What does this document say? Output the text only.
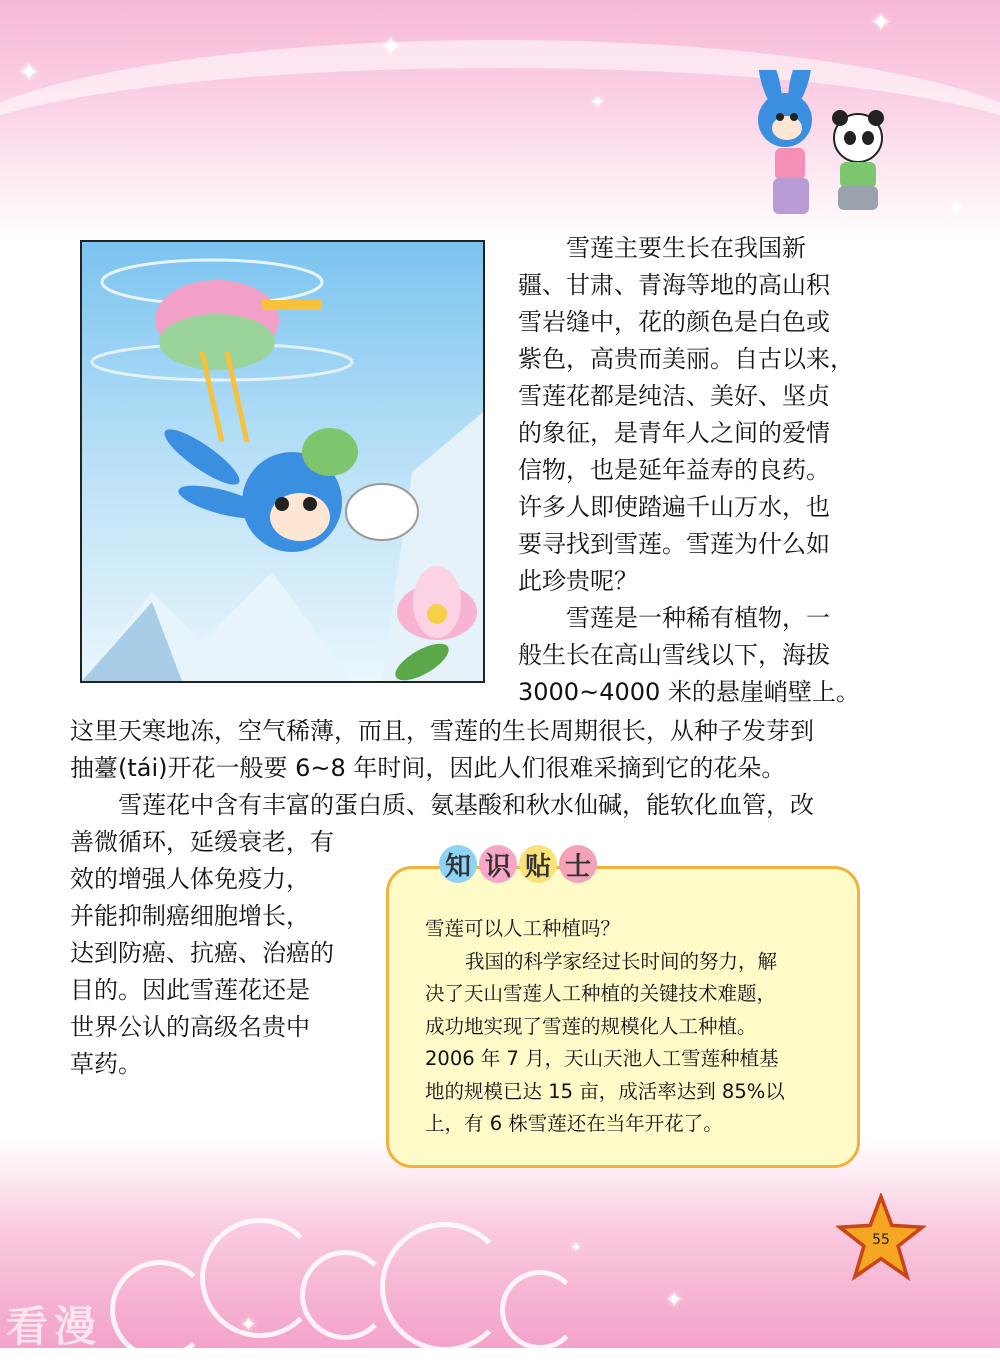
✦
✦
✦
✦
✦
✦
✦
✦
雪莲主要生长在我国新
疆、甘肃、青海等地的高山积
雪岩缝中，花的颜色是白色或
紫色，高贵而美丽。自古以来，
雪莲花都是纯洁、美好、坚贞
的象征，是青年人之间的爱情
信物，也是延年益寿的良药。
许多人即使踏遍千山万水，也
要寻找到雪莲。雪莲为什么如
此珍贵呢？
雪莲是一种稀有植物，一
般生长在高山雪线以下，海拔
3000~4000 米的悬崖峭壁上。
这里天寒地冻，空气稀薄，而且，雪莲的生长周期很长，从种子发芽到
抽薹(tái)开花一般要 6~8 年时间，因此人们很难采摘到它的花朵。
雪莲花中含有丰富的蛋白质、氨基酸和秋水仙碱，能软化血管，改
善微循环，延缓衰老，有
效的增强人体免疫力，
并能抑制癌细胞增长，
达到防癌、抗癌、治癌的
目的。因此雪莲花还是
世界公认的高级名贵中
草药。
知 识 贴 士
雪莲可以人工种植吗？
我国的科学家经过长时间的努力，解
决了天山雪莲人工种植的关键技术难题，
成功地实现了雪莲的规模化人工种植。
2006 年 7 月，天山天池人工雪莲种植基
地的规模已达 15 亩，成活率达到 85%以
上，有 6 株雪莲还在当年开花了。
55
看漫
